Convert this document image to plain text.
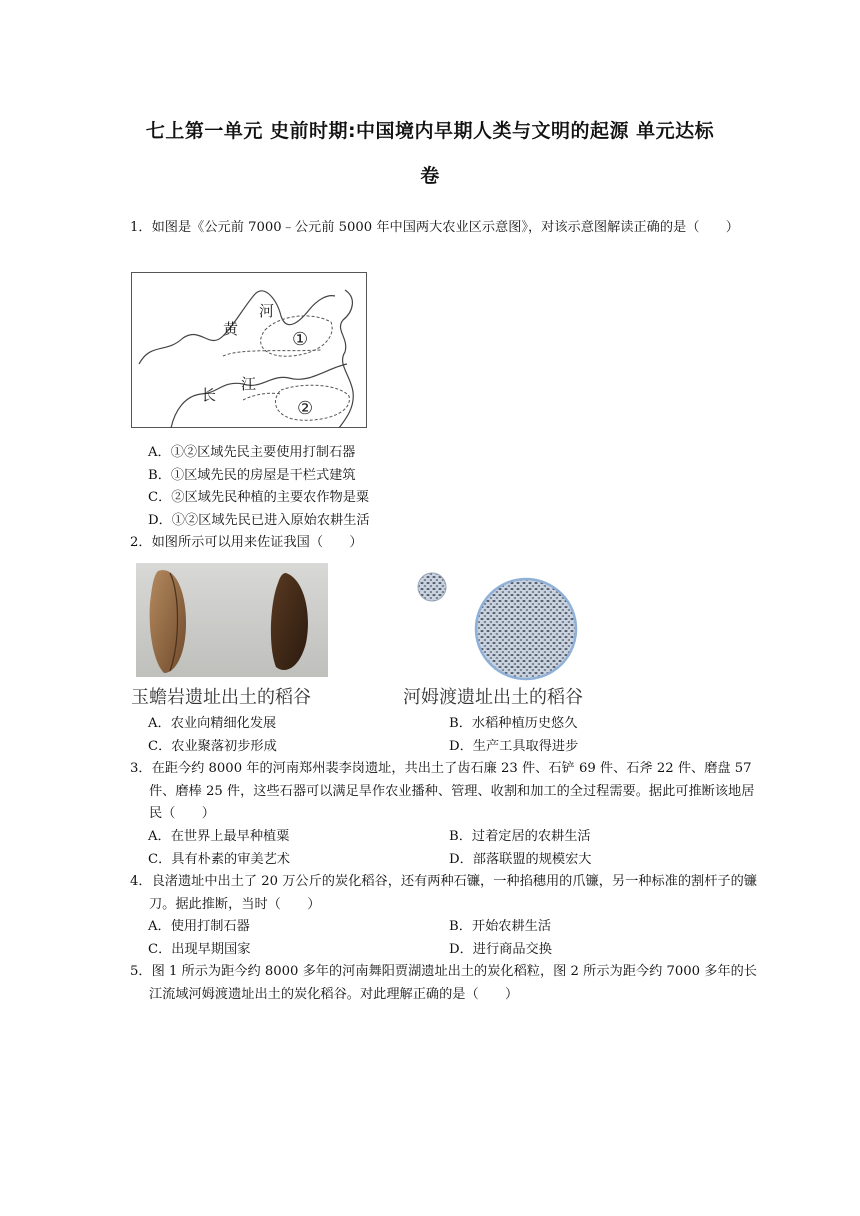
七上第一单元 史前时期:中国境内早期人类与文明的起源 单元达标
卷
1．如图是《公元前 7000﹣公元前 5000 年中国两大农业区示意图》，对该示意图解读正确的是（　　）
黄
河
长
江
①
②
A．①②区域先民主要使用打制石器
B．①区域先民的房屋是干栏式建筑
C．②区域先民种植的主要农作物是粟
D．①②区域先民已进入原始农耕生活
2．如图所示可以用来佐证我国（　　）
玉蟾岩遗址出土的稻谷	河姆渡遗址出土的稻谷
A．农业向精细化发展	B．水稻种植历史悠久
C．农业聚落初步形成	D．生产工具取得进步
3．在距今约 8000 年的河南郑州裴李岗遗址，共出土了齿石廉 23 件、石铲 69 件、石斧 22 件、磨盘 57 件、磨棒 25 件，这些石器可以满足旱作农业播种、管理、收割和加工的全过程需要。据此可推断该地居民（　　）
A．在世界上最早种植粟	B．过着定居的农耕生活
C．具有朴素的审美艺术	D．部落联盟的规模宏大
4．良渚遗址中出土了 20 万公斤的炭化稻谷，还有两种石镰，一种掐穗用的爪镰，另一种标准的割杆子的镰刀。据此推断，当时（　　）
A．使用打制石器	B．开始农耕生活
C．出现早期国家	D．进行商品交换
5．图 1 所示为距今约 8000 多年的河南舞阳贾湖遗址出土的炭化稻粒，图 2 所示为距今约 7000 多年的长江流域河姆渡遗址出土的炭化稻谷。对此理解正确的是（　　）
